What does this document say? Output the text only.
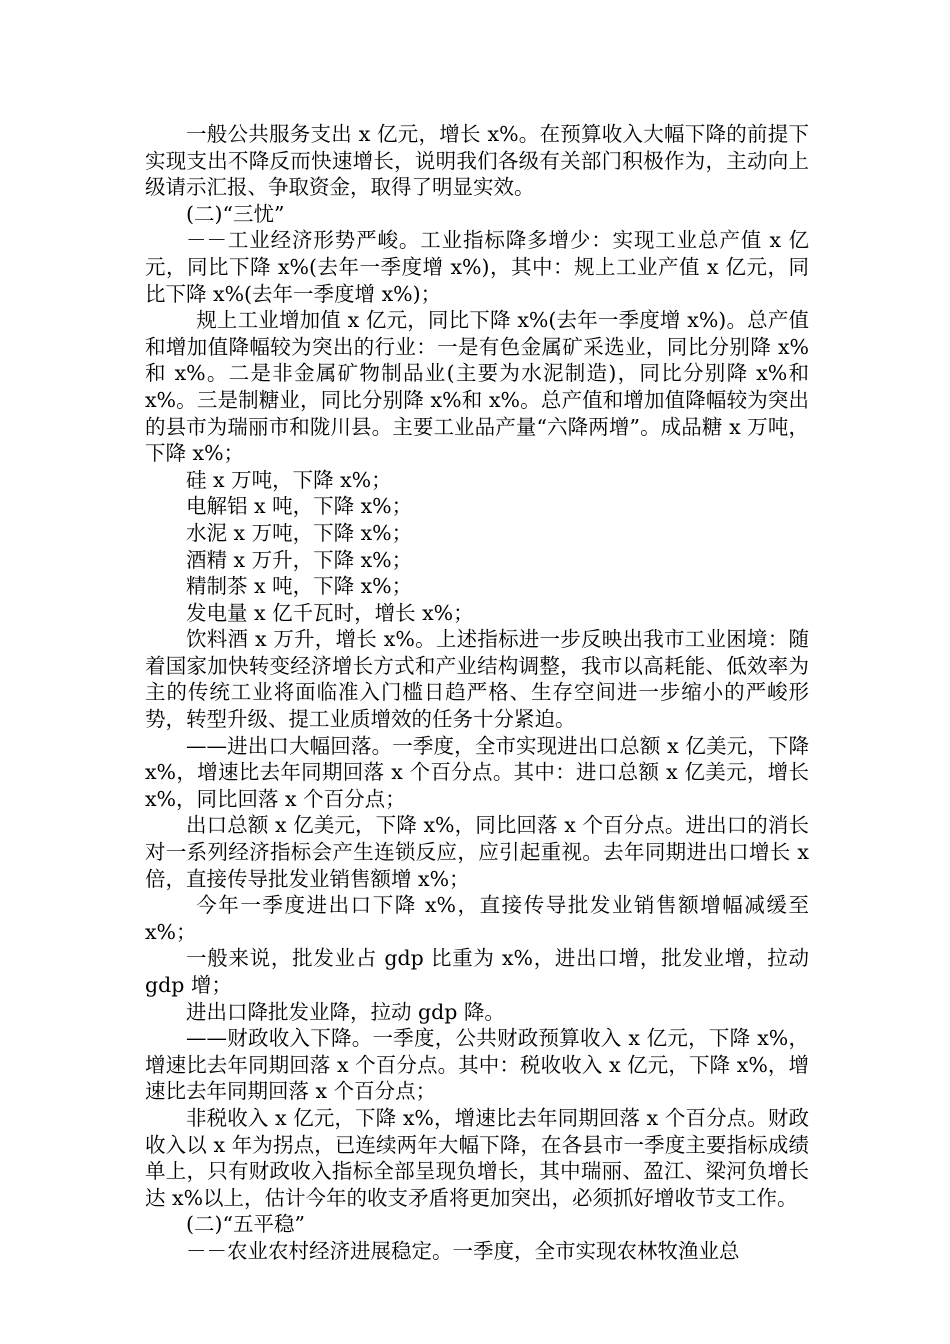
一般公共服务支出 x 亿元，增长 x%。在预算收入大幅下降的前提下实现支出不降反而快速增长，说明我们各级有关部门积极作为，主动向上级请示汇报、争取资金，取得了明显实效。

(二)“三忧”

－－工业经济形势严峻。工业指标降多增少：实现工业总产值 x 亿元，同比下降 x%(去年一季度增 x%)，其中：规上工业产值 x 亿元，同比下降 x%(去年一季度增 x%)；

规上工业增加值 x 亿元，同比下降 x%(去年一季度增 x%)。总产值和增加值降幅较为突出的行业：一是有色金属矿采选业，同比分别降 x%和 x%。二是非金属矿物制品业(主要为水泥制造)，同比分别降 x%和 x%。三是制糖业，同比分别降 x%和 x%。总产值和增加值降幅较为突出的县市为瑞丽市和陇川县。主要工业品产量“六降两增”。成品糖 x 万吨，下降 x%；

硅 x 万吨，下降 x%；

电解铝 x 吨，下降 x%；

水泥 x 万吨，下降 x%；

酒精 x 万升，下降 x%；

精制茶 x 吨，下降 x%；

发电量 x 亿千瓦时，增长 x%；

饮料酒 x 万升，增长 x%。上述指标进一步反映出我市工业困境：随着国家加快转变经济增长方式和产业结构调整，我市以高耗能、低效率为主的传统工业将面临准入门槛日趋严格、生存空间进一步缩小的严峻形势，转型升级、提工业质增效的任务十分紧迫。

——进出口大幅回落。一季度，全市实现进出口总额 x 亿美元，下降 x%，增速比去年同期回落 x 个百分点。其中：进口总额 x 亿美元，增长 x%，同比回落 x 个百分点；

出口总额 x 亿美元，下降 x%，同比回落 x 个百分点。进出口的消长对一系列经济指标会产生连锁反应，应引起重视。去年同期进出口增长 x 倍，直接传导批发业销售额增 x%；

今年一季度进出口下降 x%，直接传导批发业销售额增幅减缓至 x%；

一般来说，批发业占 gdp 比重为 x%，进出口增，批发业增，拉动 gdp 增；

进出口降批发业降，拉动 gdp 降。

——财政收入下降。一季度，公共财政预算收入 x 亿元，下降 x%，增速比去年同期回落 x 个百分点。其中：税收收入 x 亿元，下降 x%，增速比去年同期回落 x 个百分点；

非税收入 x 亿元，下降 x%，增速比去年同期回落 x 个百分点。财政收入以 x 年为拐点，已连续两年大幅下降，在各县市一季度主要指标成绩单上，只有财政收入指标全部呈现负增长，其中瑞丽、盈江、梁河负增长达 x%以上，估计今年的收支矛盾将更加突出，必须抓好增收节支工作。

(二)“五平稳”

－－农业农村经济进展稳定。一季度，全市实现农林牧渔业总
